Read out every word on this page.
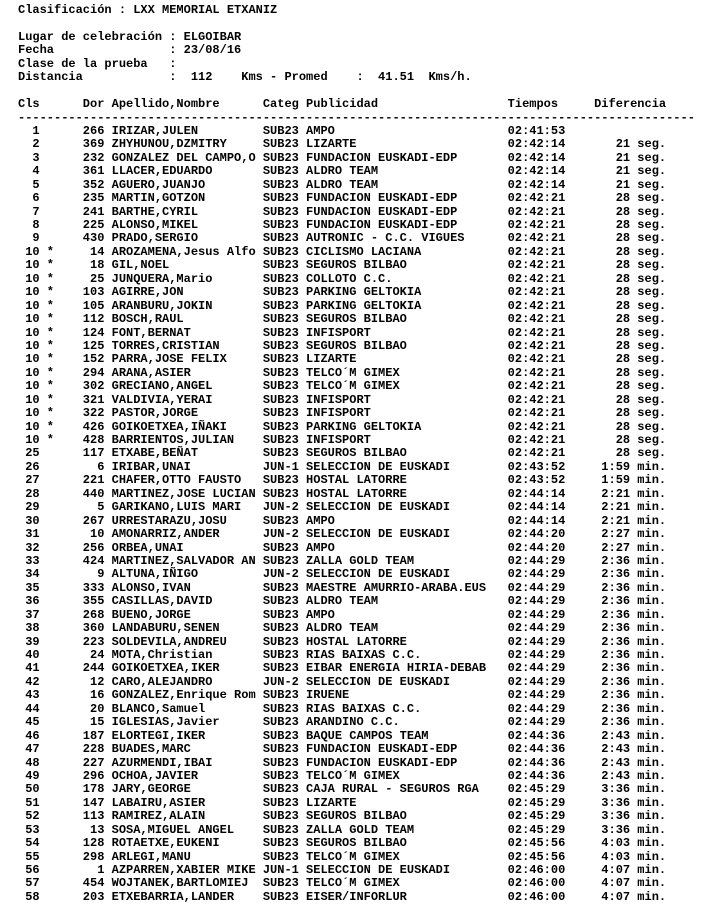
Clasificación : LXX MEMORIAL ETXANIZ
Lugar de celebración : ELGOIBAR
Fecha                : 23/08/16
Clase de la prueba   :
Distancia            :  112    Kms - Promed    :  41.51  Kms/h.
Cls      Dor Apellido,Nombre      Categ Publicidad                  Tiempos     Diferencia
----------------------------------------------------------------------------------------------
1      266 IRIZAR,JULEN         SUB23 AMPO                        02:41:53
2      369 ZHYHUNOU,DZMITRY     SUB23 LIZARTE                     02:42:14       21 seg.
3      232 GONZALEZ DEL CAMPO,O SUB23 FUNDACION EUSKADI-EDP       02:42:14       21 seg.
4      361 LLACER,EDUARDO       SUB23 ALDRO TEAM                  02:42:14       21 seg.
5      352 AGUERO,JUANJO        SUB23 ALDRO TEAM                  02:42:14       21 seg.
6      235 MARTIN,GOTZON        SUB23 FUNDACION EUSKADI-EDP       02:42:21       28 seg.
7      241 BARTHE,CYRIL         SUB23 FUNDACION EUSKADI-EDP       02:42:21       28 seg.
8      225 ALONSO,MIKEL         SUB23 FUNDACION EUSKADI-EDP       02:42:21       28 seg.
9      430 PRADO,SERGIO         SUB23 AUTRONIC - C.C. VIGUES      02:42:21       28 seg.
10 *     14 AROZAMENA,Jesus Alfo SUB23 CICLISMO LACIANA            02:42:21       28 seg.
10 *     18 GIL,NOEL             SUB23 SEGUROS BILBAO              02:42:21       28 seg.
10 *     25 JUNQUERA,Mario       SUB23 COLLOTO C.C.                02:42:21       28 seg.
10 *    103 AGIRRE,JON           SUB23 PARKING GELTOKIA            02:42:21       28 seg.
10 *    105 ARANBURU,JOKIN       SUB23 PARKING GELTOKIA            02:42:21       28 seg.
10 *    112 BOSCH,RAUL           SUB23 SEGUROS BILBAO              02:42:21       28 seg.
10 *    124 FONT,BERNAT          SUB23 INFISPORT                   02:42:21       28 seg.
10 *    125 TORRES,CRISTIAN      SUB23 SEGUROS BILBAO              02:42:21       28 seg.
10 *    152 PARRA,JOSE FELIX     SUB23 LIZARTE                     02:42:21       28 seg.
10 *    294 ARANA,ASIER          SUB23 TELCO´M GIMEX               02:42:21       28 seg.
10 *    302 GRECIANO,ANGEL       SUB23 TELCO´M GIMEX               02:42:21       28 seg.
10 *    321 VALDIVIA,YERAI       SUB23 INFISPORT                   02:42:21       28 seg.
10 *    322 PASTOR,JORGE         SUB23 INFISPORT                   02:42:21       28 seg.
10 *    426 GOIKOETXEA,IÑAKI     SUB23 PARKING GELTOKIA            02:42:21       28 seg.
10 *    428 BARRIENTOS,JULIAN    SUB23 INFISPORT                   02:42:21       28 seg.
25      117 ETXABE,BEÑAT         SUB23 SEGUROS BILBAO              02:42:21       28 seg.
26        6 IRIBAR,UNAI          JUN-1 SELECCION DE EUSKADI        02:43:52     1:59 min.
27      221 CHAFER,OTTO FAUSTO   SUB23 HOSTAL LATORRE              02:43:52     1:59 min.
28      440 MARTINEZ,JOSE LUCIAN SUB23 HOSTAL LATORRE              02:44:14     2:21 min.
29        5 GARIKANO,LUIS MARI   JUN-2 SELECCION DE EUSKADI        02:44:14     2:21 min.
30      267 URRESTARAZU,JOSU     SUB23 AMPO                        02:44:14     2:21 min.
31       10 AMONARRIZ,ANDER      JUN-2 SELECCION DE EUSKADI        02:44:20     2:27 min.
32      256 ORBEA,UNAI           SUB23 AMPO                        02:44:20     2:27 min.
33      424 MARTINEZ,SALVADOR AN SUB23 ZALLA GOLD TEAM             02:44:29     2:36 min.
34        9 ALTUNA,IÑIGO         JUN-2 SELECCION DE EUSKADI        02:44:29     2:36 min.
35      333 ALONSO,IVAN          SUB23 MAESTRE AMURRIO-ARABA.EUS   02:44:29     2:36 min.
36      355 CASILLAS,DAVID       SUB23 ALDRO TEAM                  02:44:29     2:36 min.
37      268 BUENO,JORGE          SUB23 AMPO                        02:44:29     2:36 min.
38      360 LANDABURU,SENEN      SUB23 ALDRO TEAM                  02:44:29     2:36 min.
39      223 SOLDEVILA,ANDREU     SUB23 HOSTAL LATORRE              02:44:29     2:36 min.
40       24 MOTA,Christian       SUB23 RIAS BAIXAS C.C.            02:44:29     2:36 min.
41      244 GOIKOETXEA,IKER      SUB23 EIBAR ENERGIA HIRIA-DEBAB   02:44:29     2:36 min.
42       12 CARO,ALEJANDRO       JUN-2 SELECCION DE EUSKADI        02:44:29     2:36 min.
43       16 GONZALEZ,Enrique Rom SUB23 IRUENE                      02:44:29     2:36 min.
44       20 BLANCO,Samuel        SUB23 RIAS BAIXAS C.C.            02:44:29     2:36 min.
45       15 IGLESIAS,Javier      SUB23 ARANDINO C.C.               02:44:29     2:36 min.
46      187 ELORTEGI,IKER        SUB23 BAQUE CAMPOS TEAM           02:44:36     2:43 min.
47      228 BUADES,MARC          SUB23 FUNDACION EUSKADI-EDP       02:44:36     2:43 min.
48      227 AZURMENDI,IBAI       SUB23 FUNDACION EUSKADI-EDP       02:44:36     2:43 min.
49      296 OCHOA,JAVIER         SUB23 TELCO´M GIMEX               02:44:36     2:43 min.
50      178 JARY,GEORGE          SUB23 CAJA RURAL - SEGUROS RGA    02:45:29     3:36 min.
51      147 LABAIRU,ASIER        SUB23 LIZARTE                     02:45:29     3:36 min.
52      113 RAMIREZ,ALAIN        SUB23 SEGUROS BILBAO              02:45:29     3:36 min.
53       13 SOSA,MIGUEL ANGEL    SUB23 ZALLA GOLD TEAM             02:45:29     3:36 min.
54      128 ROTAETXE,EUKENI      SUB23 SEGUROS BILBAO              02:45:56     4:03 min.
55      298 ARLEGI,MANU          SUB23 TELCO´M GIMEX               02:45:56     4:03 min.
56        1 AZPARREN,XABIER MIKE JUN-1 SELECCION DE EUSKADI        02:46:00     4:07 min.
57      454 WOJTANEK,BARTLOMIEJ  SUB23 TELCO´M GIMEX               02:46:00     4:07 min.
58      203 ETXEBARRIA,LANDER    SUB23 EISER/INFORLUR              02:46:00     4:07 min.
